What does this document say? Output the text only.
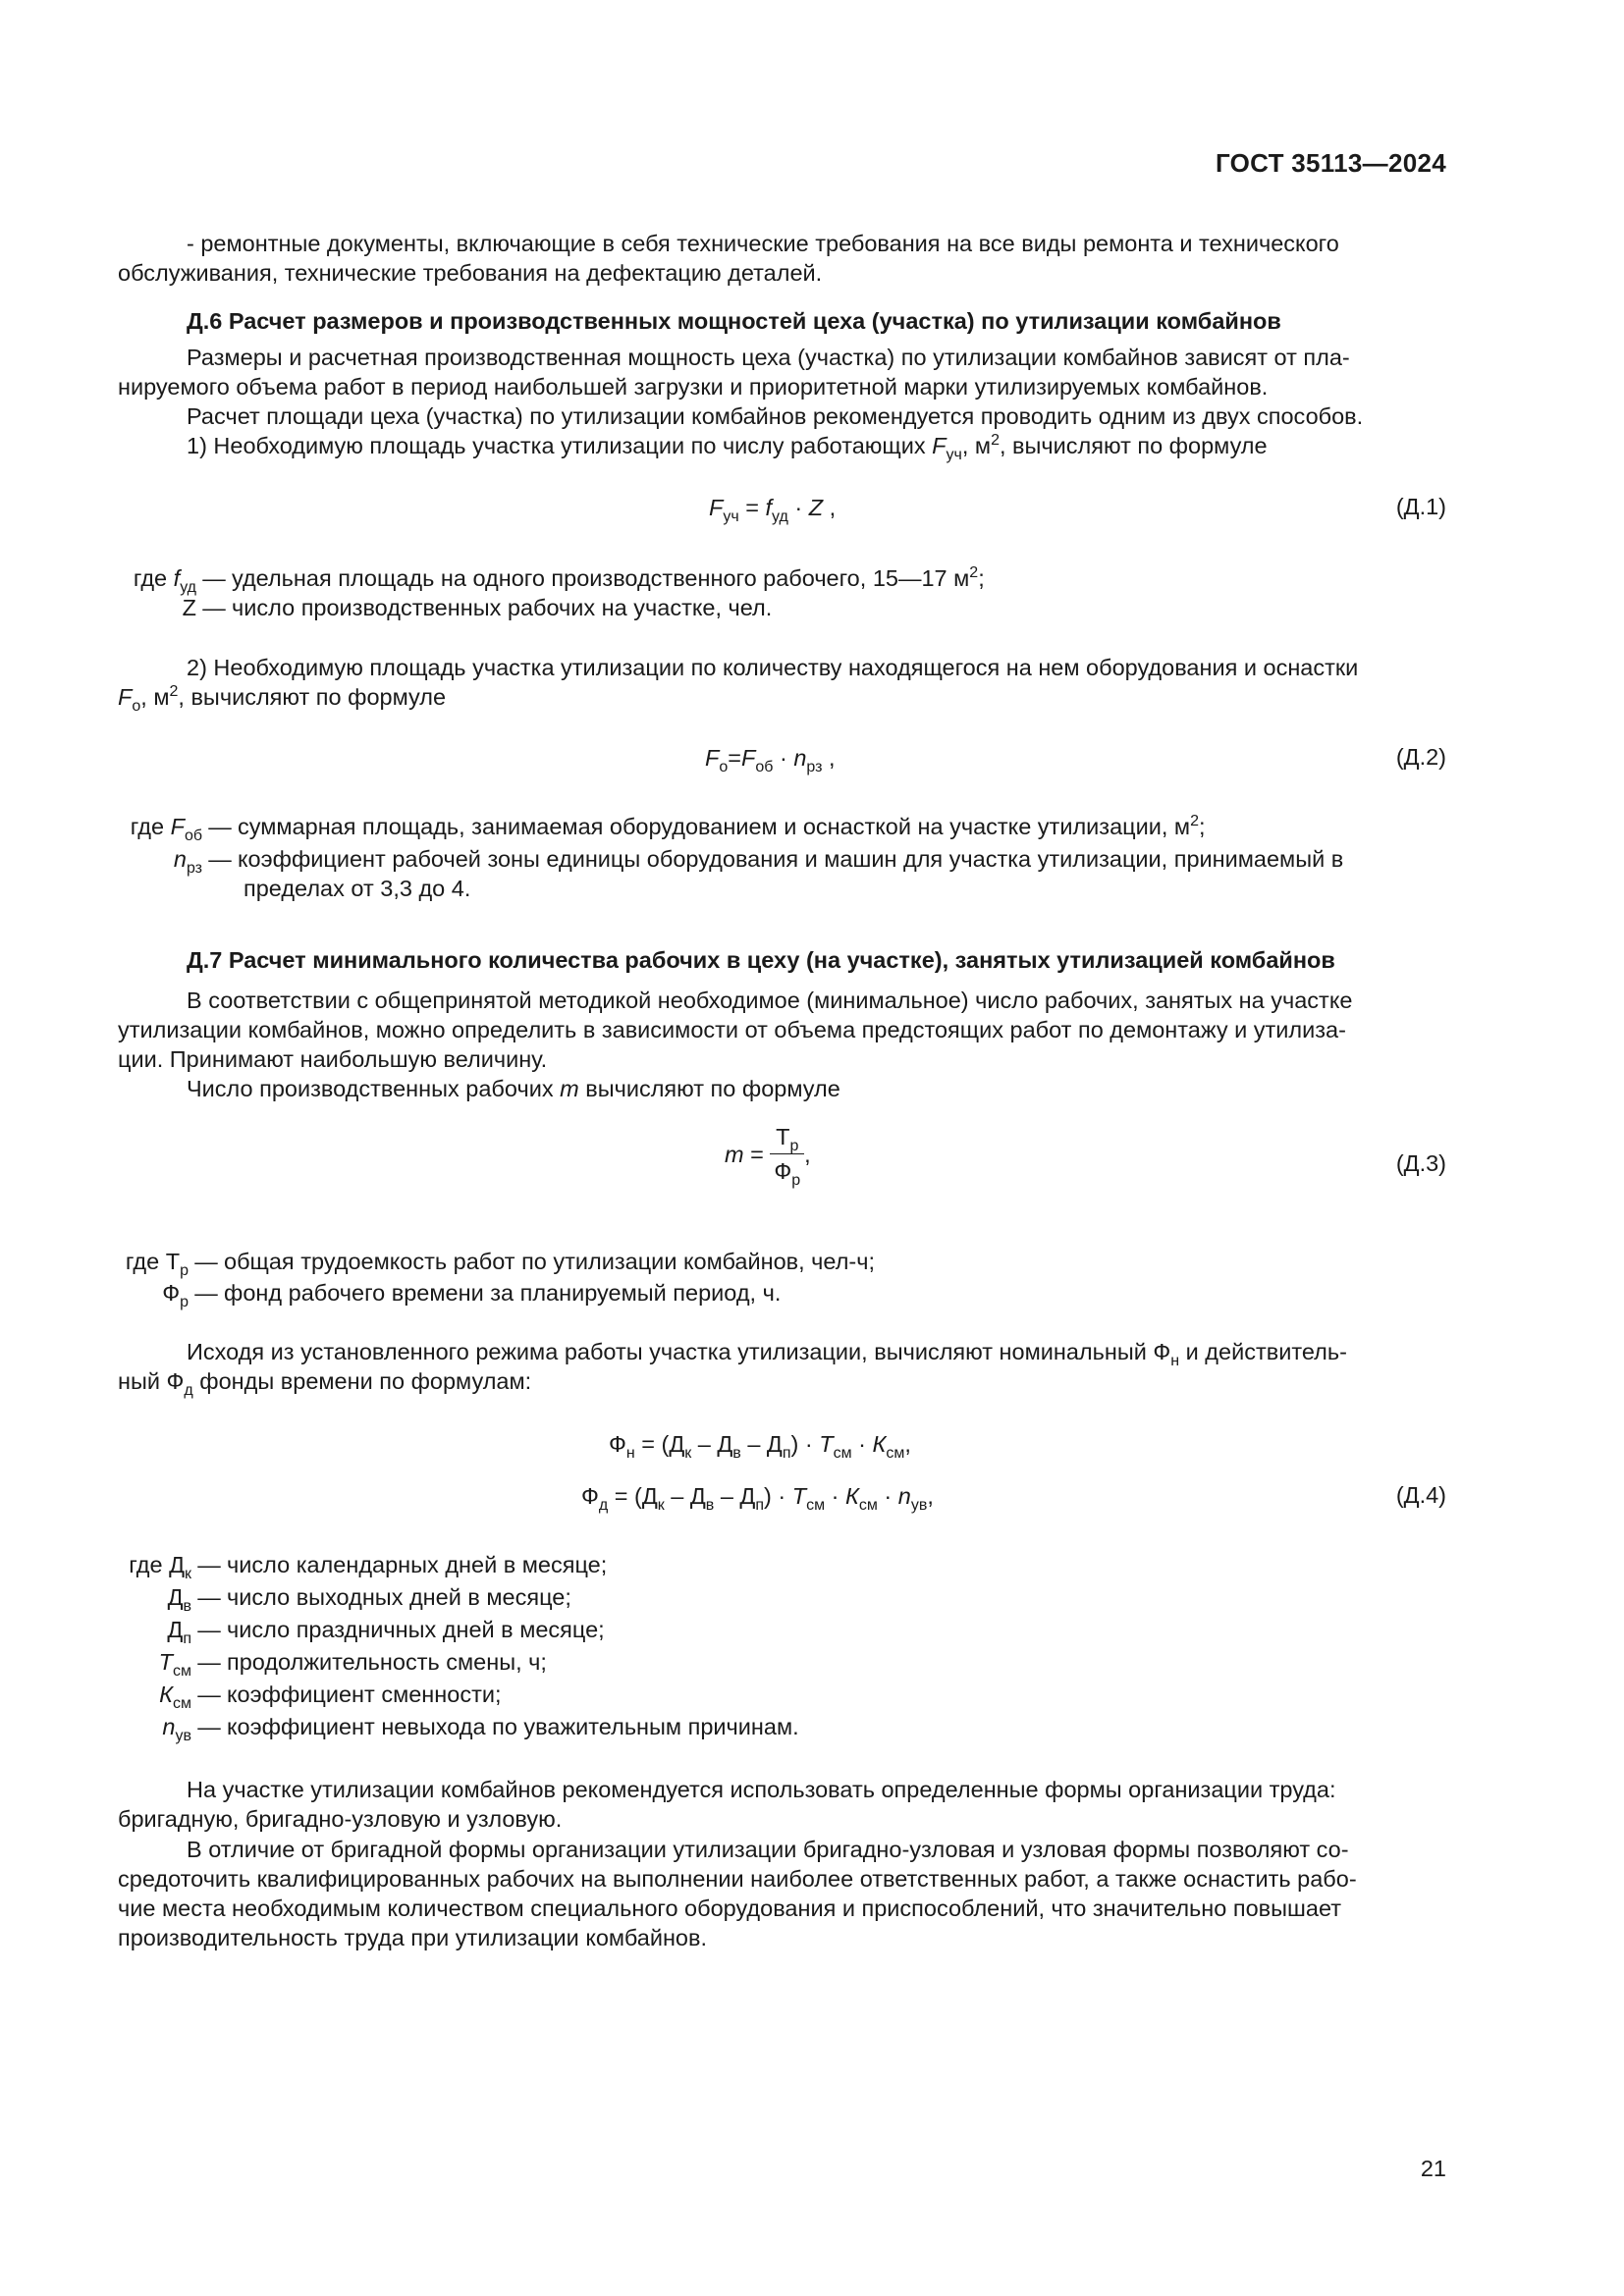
ГОСТ 35113—2024
- ремонтные документы, включающие в себя технические требования на все виды ремонта и технического
обслуживания, технические требования на дефектацию деталей.
Д.6 Расчет размеров и производственных мощностей цеха (участка) по утилизации комбайнов
Размеры и расчетная производственная мощность цеха (участка) по утилизации комбайнов зависят от пла-
нируемого объема работ в период наибольшей загрузки и приоритетной марки утилизируемых комбайнов.
Расчет площади цеха (участка) по утилизации комбайнов рекомендуется проводить одним из двух способов.
1) Необходимую площадь участка утилизации по числу работающих $F_{уч}$, $м^2$, вычисляют по формуле
$F_{уч} = f_{уд} \cdot Z$ ,	(Д.1)
где $f_{уд}$ — удельная площадь на одного производственного рабочего, 15—17 $м^2$;
Z — число производственных рабочих на участке, чел.
2) Необходимую площадь участка утилизации по количеству находящегося на нем оборудования и оснастки
$F_о$, $м^2$, вычисляют по формуле
$F_о=F_{об} \cdot n_{рз}$ ,	(Д.2)
где $F_{об}$ — суммарная площадь, занимаемая оборудованием и оснасткой на участке утилизации, $м^2$;
$n_{рз}$ — коэффициент рабочей зоны единицы оборудования и машин для участка утилизации, принимаемый в
пределах от 3,3 до 4.
Д.7 Расчет минимального количества рабочих в цеху (на участке), занятых утилизацией комбайнов
В соответствии с общепринятой методикой необходимое (минимальное) число рабочих, занятых на участке
утилизации комбайнов, можно определить в зависимости от объема предстоящих работ по демонтажу и утилиза-
ции. Принимают наибольшую величину.
Число производственных рабочих m вычисляют по формуле
$m = \frac{Т_р}{Ф_р}$ ,	(Д.3)
где $Т_р$ — общая трудоемкость работ по утилизации комбайнов, чел-ч;
$Ф_р$ — фонд рабочего времени за планируемый период, ч.
Исходя из установленного режима работы участка утилизации, вычисляют номинальный $Ф_н$ и действитель-
ный $Ф_д$ фонды времени по формулам:
$Ф_н = (Д_к - Д_в - Д_п) \cdot Т_{см} \cdot К_{см}$,
$Ф_д = (Д_к - Д_в - Д_п) \cdot Т_{см} \cdot К_{см} \cdot n_{ув}$,	(Д.4)
где $Д_к$ — число календарных дней в месяце;
$Д_в$ — число выходных дней в месяце;
$Д_п$ — число праздничных дней в месяце;
$Т_{см}$ — продолжительность смены, ч;
$К_{см}$ — коэффициент сменности;
$n_{ув}$ — коэффициент невыхода по уважительным причинам.
На участке утилизации комбайнов рекомендуется использовать определенные формы организации труда:
бригадную, бригадно-узловую и узловую.
В отличие от бригадной формы организации утилизации бригадно-узловая и узловая формы позволяют со-
средоточить квалифицированных рабочих на выполнении наиболее ответственных работ, а также оснастить рабо-
чие места необходимым количеством специального оборудования и приспособлений, что значительно повышает
производительность труда при утилизации комбайнов.
21
